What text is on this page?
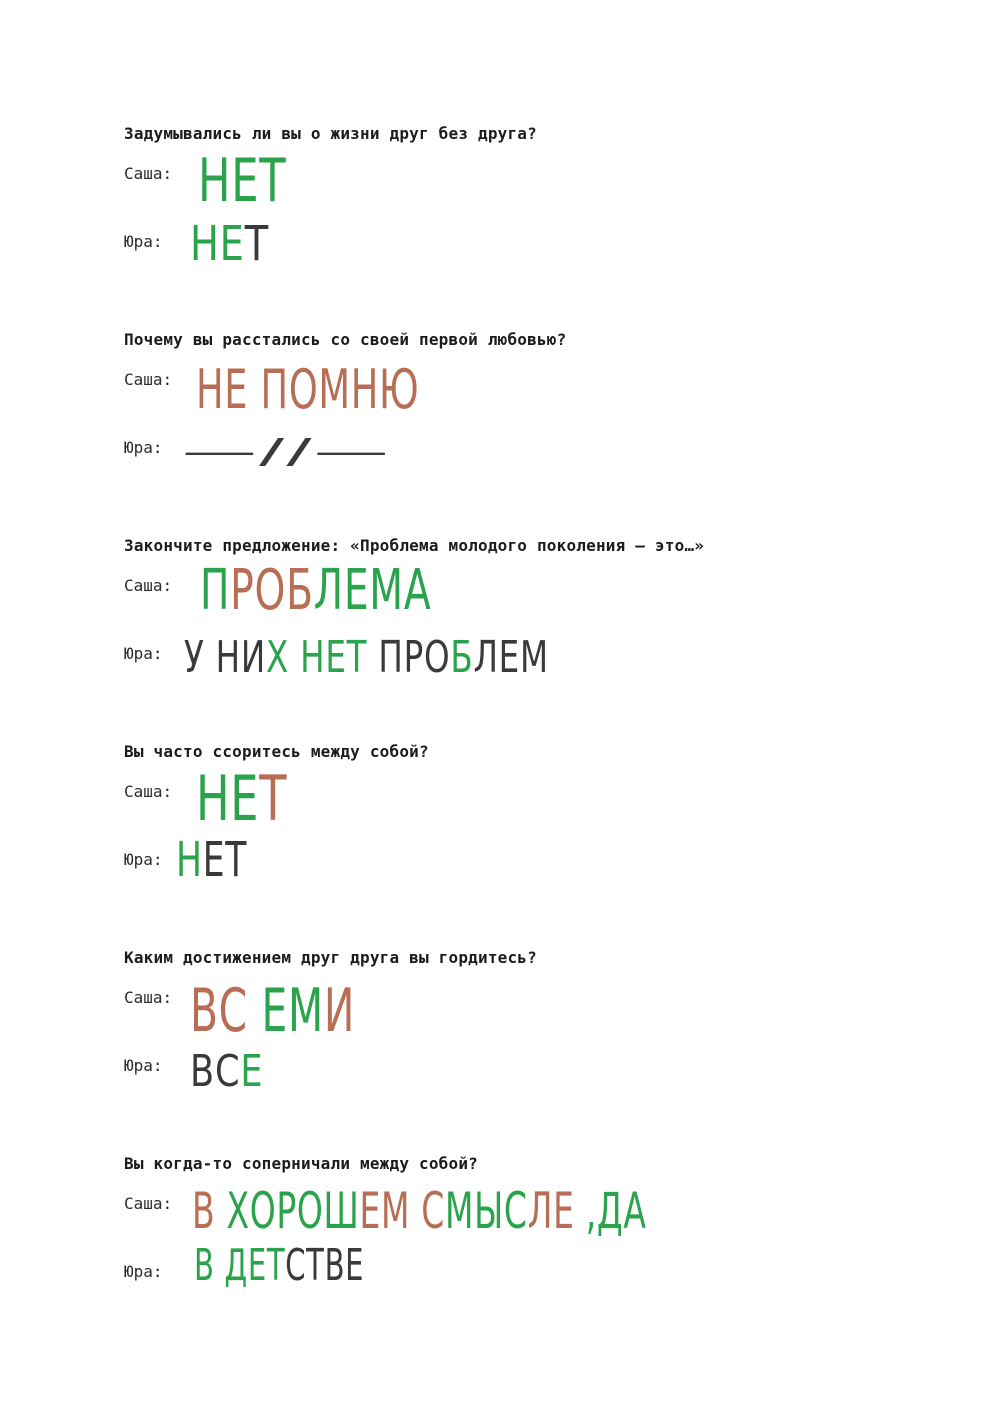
Задумывались ли вы о жизни друг без друга?
Саша: НЕТ
Юра: НЕТ
Почему вы расстались со своей первой любовью?
Саша: НЕ ПОМНЮ
Юра: —//—
Закончите предложение: «Проблема молодого поколения – это…»
Саша: ПРОБЛЕМА
Юра: У НИХ НЕТ ПРОБЛЕМ
Вы часто ссоритесь между собой?
Саша: НЕТ
Юра: НЕТ
Каким достижением друг друга вы гордитесь?
Саша: ВС ЕМИ
Юра: ВСЕ
Вы когда-то соперничали между собой?
Саша: В ХОРОШЕМ СМЫСЛЕ ,ДА
Юра: В ДЕТСТВЕ
